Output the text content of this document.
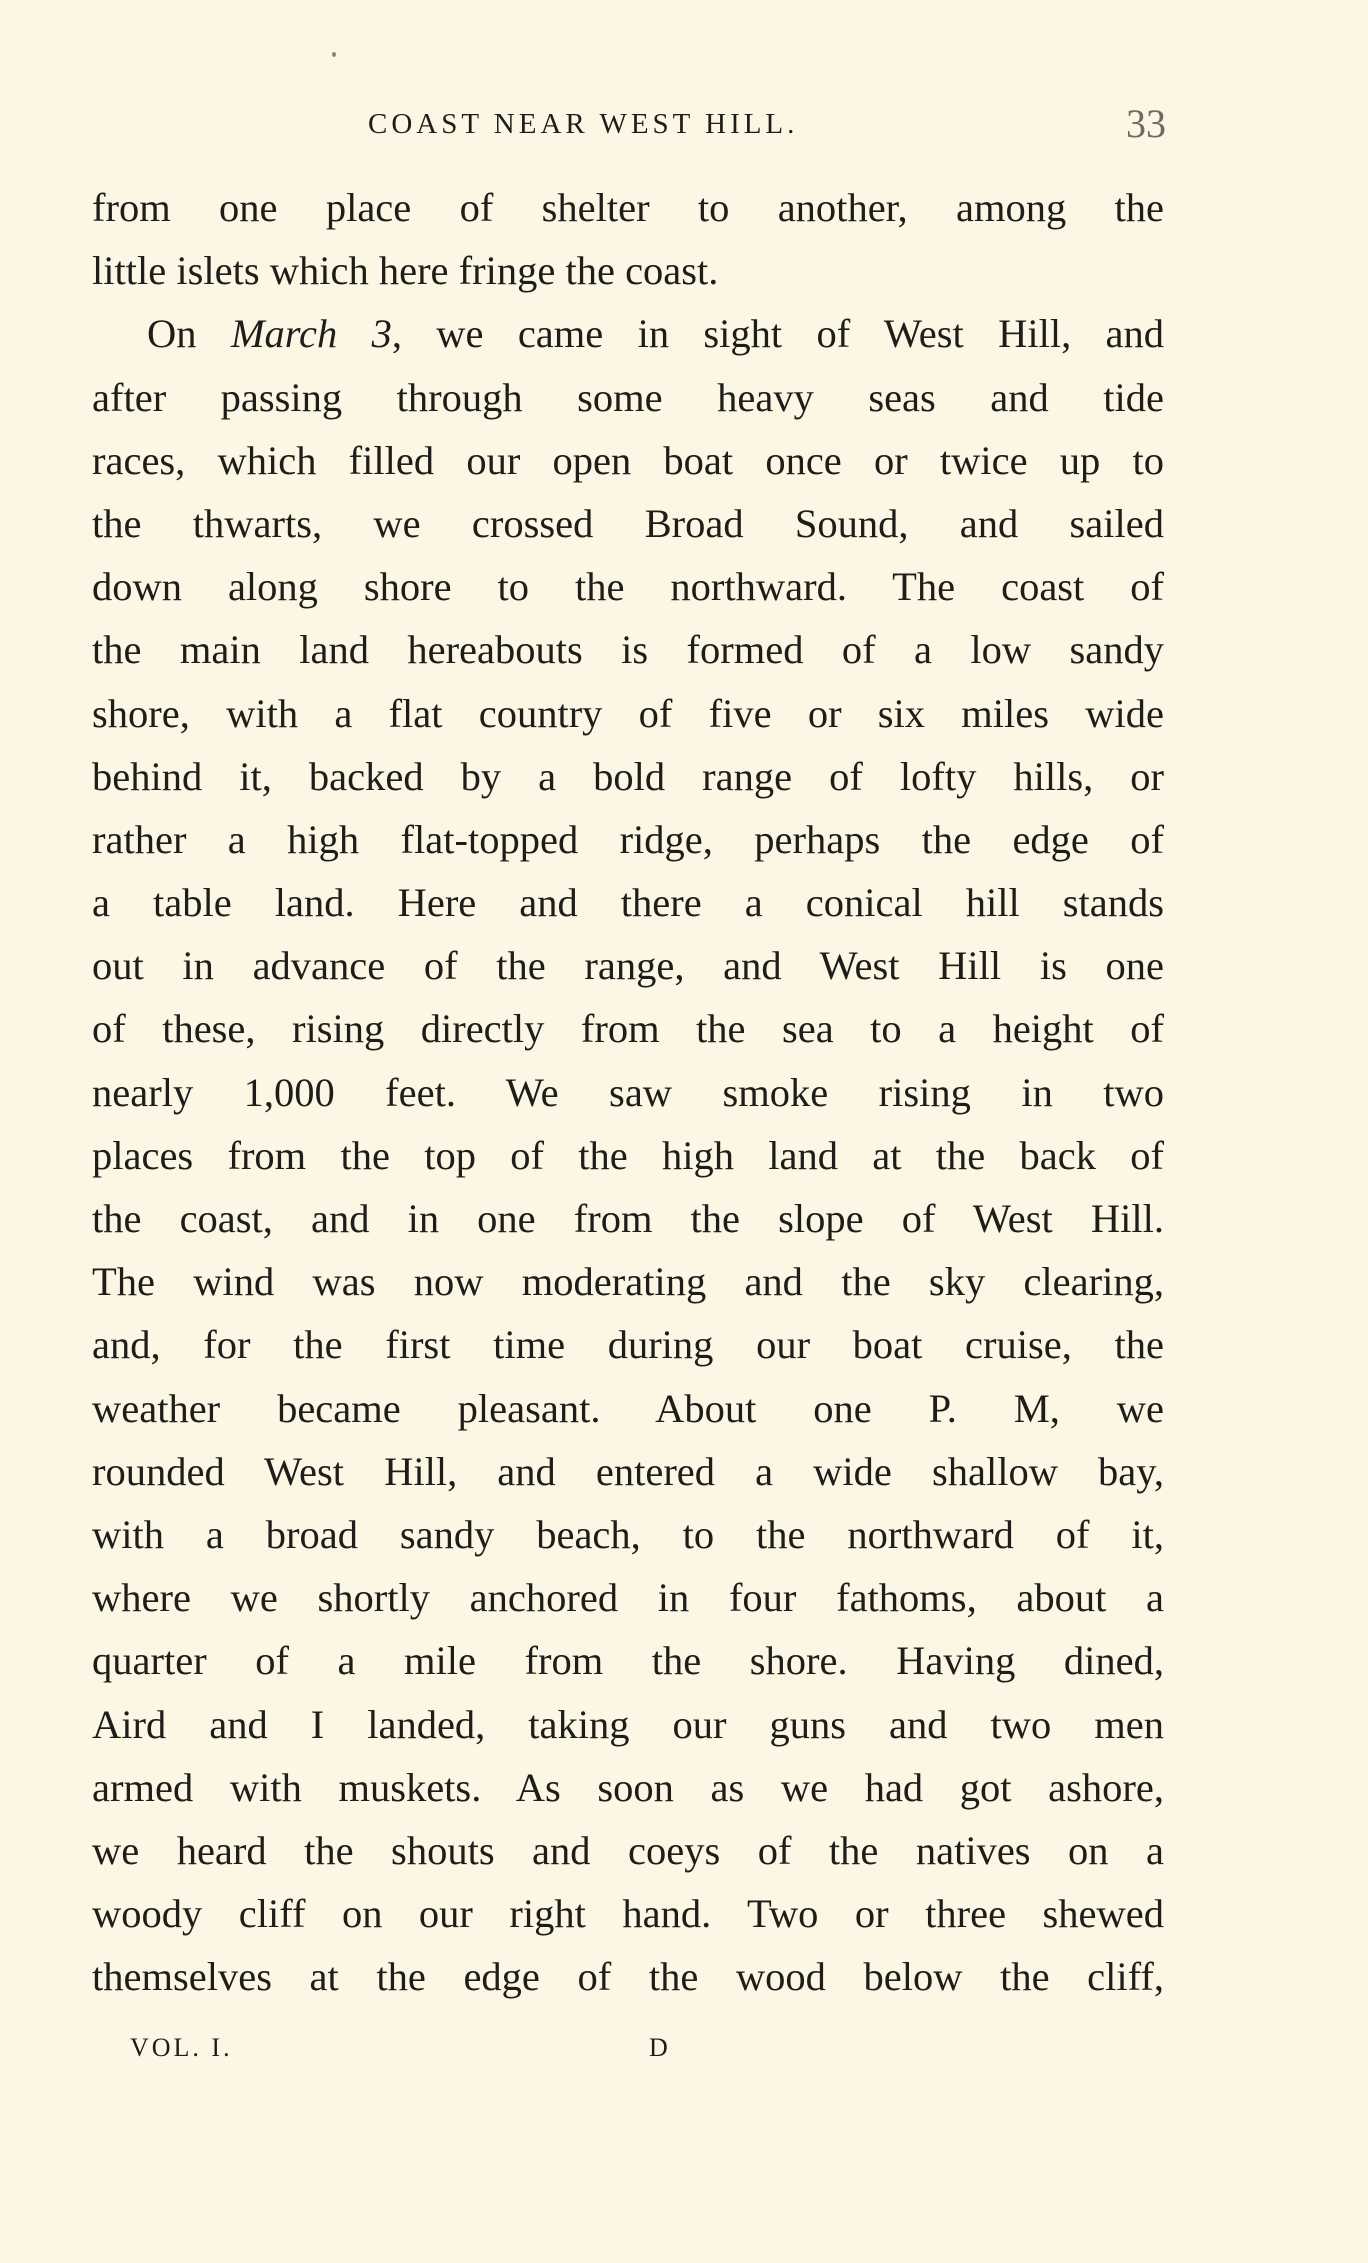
COAST NEAR WEST HILL.	33
from one place of shelter to another, among the
little islets which here fringe the coast.
On March 3, we came in sight of West Hill, and
after passing through some heavy seas and tide
races, which filled our open boat once or twice up to
the thwarts, we crossed Broad Sound, and sailed
down along shore to the northward. The coast of
the main land hereabouts is formed of a low sandy
shore, with a flat country of five or six miles wide
behind it, backed by a bold range of lofty hills, or
rather a high flat-topped ridge, perhaps the edge of
a table land. Here and there a conical hill stands
out in advance of the range, and West Hill is one
of these, rising directly from the sea to a height of
nearly 1,000 feet. We saw smoke rising in two
places from the top of the high land at the back of
the coast, and in one from the slope of West Hill.
The wind was now moderating and the sky clearing,
and, for the first time during our boat cruise, the
weather became pleasant. About one P. M, we
rounded West Hill, and entered a wide shallow bay,
with a broad sandy beach, to the northward of it,
where we shortly anchored in four fathoms, about a
quarter of a mile from the shore. Having dined,
Aird and I landed, taking our guns and two men
armed with muskets. As soon as we had got ashore,
we heard the shouts and coeys of the natives on a
woody cliff on our right hand. Two or three shewed
themselves at the edge of the wood below the cliff,
VOL. I.	D
